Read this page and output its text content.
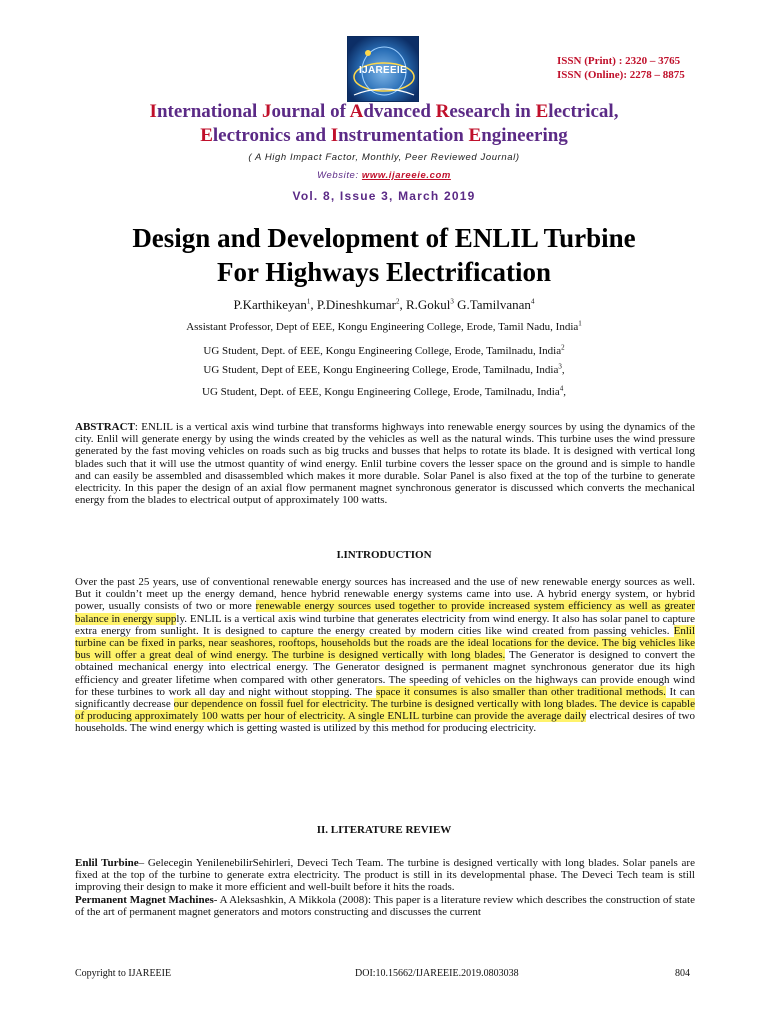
IJAREEIE
ISSN (Print) : 2320 – 3765
ISSN (Online): 2278 – 8875
International Journal of Advanced Research in Electrical,
Electronics and Instrumentation Engineering
( A High Impact Factor, Monthly, Peer Reviewed Journal)
Website: www.ijareeie.com
Vol. 8, Issue 3, March 2019
Design and Development of ENLIL Turbine
For Highways Electrification
P.Karthikeyan$^1$, P.Dineshkumar$^2$, R.Gokul$^3$ G.Tamilvanan$^4$
Assistant Professor, Dept of EEE, Kongu Engineering College, Erode, Tamil Nadu, India$^1$
UG Student, Dept. of EEE, Kongu Engineering College, Erode, Tamilnadu, India$^2$
UG Student, Dept of EEE, Kongu Engineering College, Erode, Tamilnadu, India$^3$,
UG Student, Dept. of EEE, Kongu Engineering College, Erode, Tamilnadu, India$^4$,
ABSTRACT: ENLIL is a vertical axis wind turbine that transforms highways into renewable energy sources by using the dynamics of the city. Enlil will generate energy by using the winds created by the vehicles as well as the natural winds. This turbine uses the wind pressure generated by the fast moving vehicles on roads such as big trucks and busses that helps to rotate its blade. It is designed with vertical long blades such that it will use the utmost quantity of wind energy. Enlil turbine covers the lesser space on the ground and is simple to handle and can easily be assembled and disassembled which makes it more durable. Solar Panel is also fixed at the top of the turbine to generate electricity. In this paper the design of an axial flow permanent magnet synchronous generator is discussed which converts the mechanical energy from the blades to electrical output of approximately 100 watts.
I.INTRODUCTION
Over the past 25 years, use of conventional renewable energy sources has increased and the use of new renewable energy sources as well. But it couldn’t meet up the energy demand, hence hybrid renewable energy systems came into use. A hybrid energy system, or hybrid power, usually consists of two or more renewable energy sources used together to provide increased system efficiency as well as greater balance in energy supply. ENLIL is a vertical axis wind turbine that generates electricity from wind energy. It also has solar panel to capture extra energy from sunlight. It is designed to capture the energy created by modern cities like wind created from passing vehicles. Enlil turbine can be fixed in parks, near seashores, rooftops, households but the roads are the ideal locations for the device. The big vehicles like bus will offer a great deal of wind energy. The turbine is designed vertically with long blades. The Generator is designed to convert the obtained mechanical energy into electrical energy. The Generator designed is permanent magnet synchronous generator due its high efficiency and greater lifetime when compared with other generators. The speeding of vehicles on the highways can provide enough wind for these turbines to work all day and night without stopping. The space it consumes is also smaller than other traditional methods. It can significantly decrease our dependence on fossil fuel for electricity. The turbine is designed vertically with long blades. The device is capable of producing approximately 100 watts per hour of electricity. A single ENLIL turbine can provide the average daily electrical desires of two households. The wind energy which is getting wasted is utilized by this method for producing electricity.
II. LITERATURE REVIEW
Enlil Turbine– Gelecegin YenilenebilirSehirleri, Deveci Tech Team. The turbine is designed vertically with long blades. Solar panels are fixed at the top of the turbine to generate extra electricity. The product is still in its developmental phase. The Deveci Tech team is still improving their design to make it more efficient and well-built before it hits the roads.
Permanent Magnet Machines- A Aleksashkin, A Mikkola (2008): This paper is a literature review which describes the construction of state of the art of permanent magnet generators and motors constructing and discusses the current
Copyright to IJAREEIE	DOI:10.15662/IJAREEIE.2019.0803038	804
